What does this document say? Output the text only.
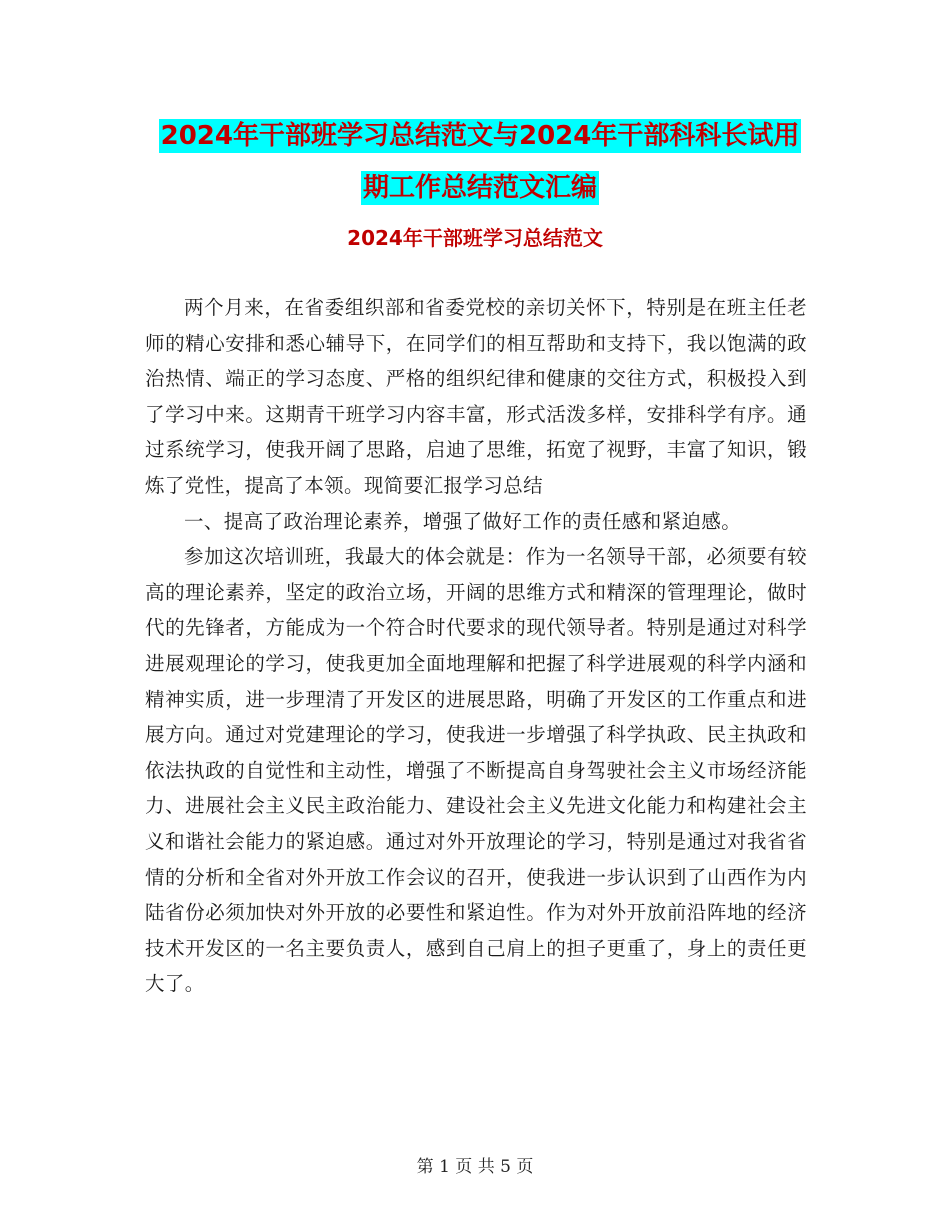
2024年干部班学习总结范文与2024年干部科科长试用
期工作总结范文汇编
2024年干部班学习总结范文

两个月来，在省委组织部和省委党校的亲切关怀下，特别是在班主任老师的精心安排和悉心辅导下，在同学们的相互帮助和支持下，我以饱满的政治热情、端正的学习态度、严格的组织纪律和健康的交往方式，积极投入到了学习中来。这期青干班学习内容丰富，形式活泼多样，安排科学有序。通过系统学习，使我开阔了思路，启迪了思维，拓宽了视野，丰富了知识，锻炼了党性，提高了本领。现简要汇报学习总结

一、提高了政治理论素养，增强了做好工作的责任感和紧迫感。

参加这次培训班，我最大的体会就是：作为一名领导干部，必须要有较高的理论素养，坚定的政治立场，开阔的思维方式和精深的管理理论，做时代的先锋者，方能成为一个符合时代要求的现代领导者。特别是通过对科学进展观理论的学习，使我更加全面地理解和把握了科学进展观的科学内涵和精神实质，进一步理清了开发区的进展思路，明确了开发区的工作重点和进展方向。通过对党建理论的学习，使我进一步增强了科学执政、民主执政和依法执政的自觉性和主动性，增强了不断提高自身驾驶社会主义市场经济能力、进展社会主义民主政治能力、建设社会主义先进文化能力和构建社会主义和谐社会能力的紧迫感。通过对外开放理论的学习，特别是通过对我省省情的分析和全省对外开放工作会议的召开，使我进一步认识到了山西作为内陆省份必须加快对外开放的必要性和紧迫性。作为对外开放前沿阵地的经济技术开发区的一名主要负责人，感到自己肩上的担子更重了，身上的责任更大了。

第 1 页 共 5 页
